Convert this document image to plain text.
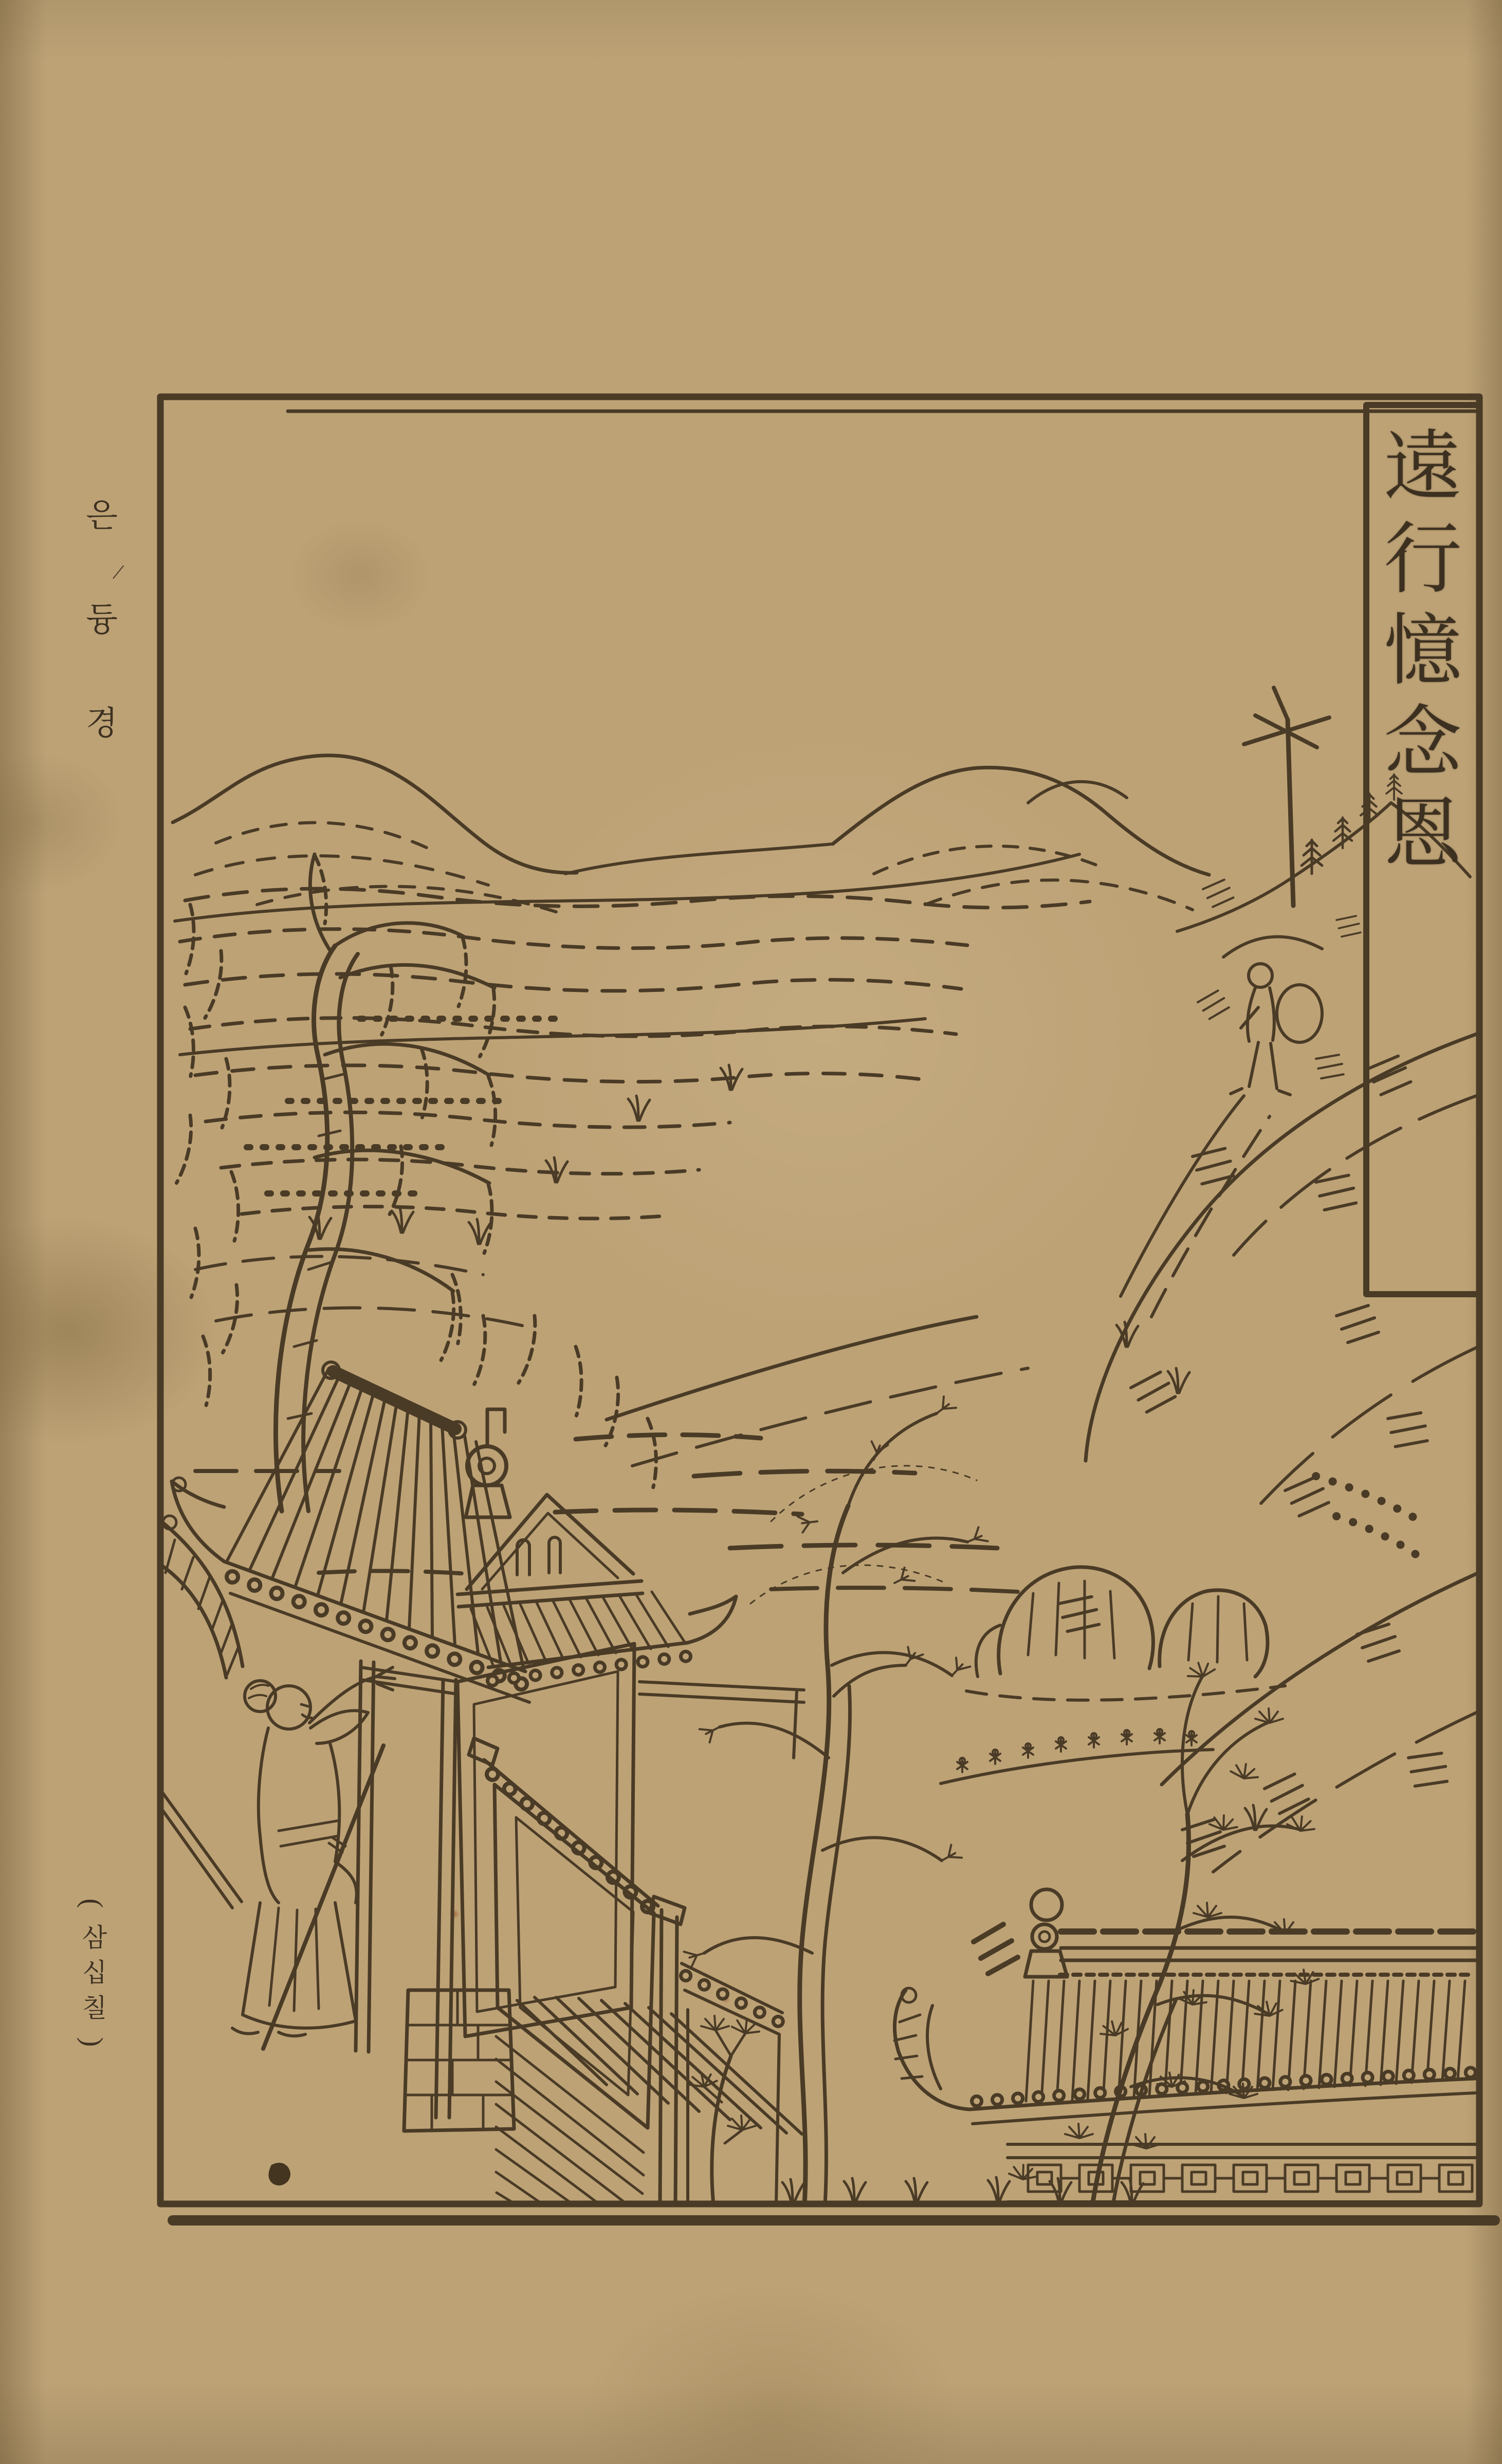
遠
行
憶
念
恩
은
듕
경
/
(
삼
십
칠
)
